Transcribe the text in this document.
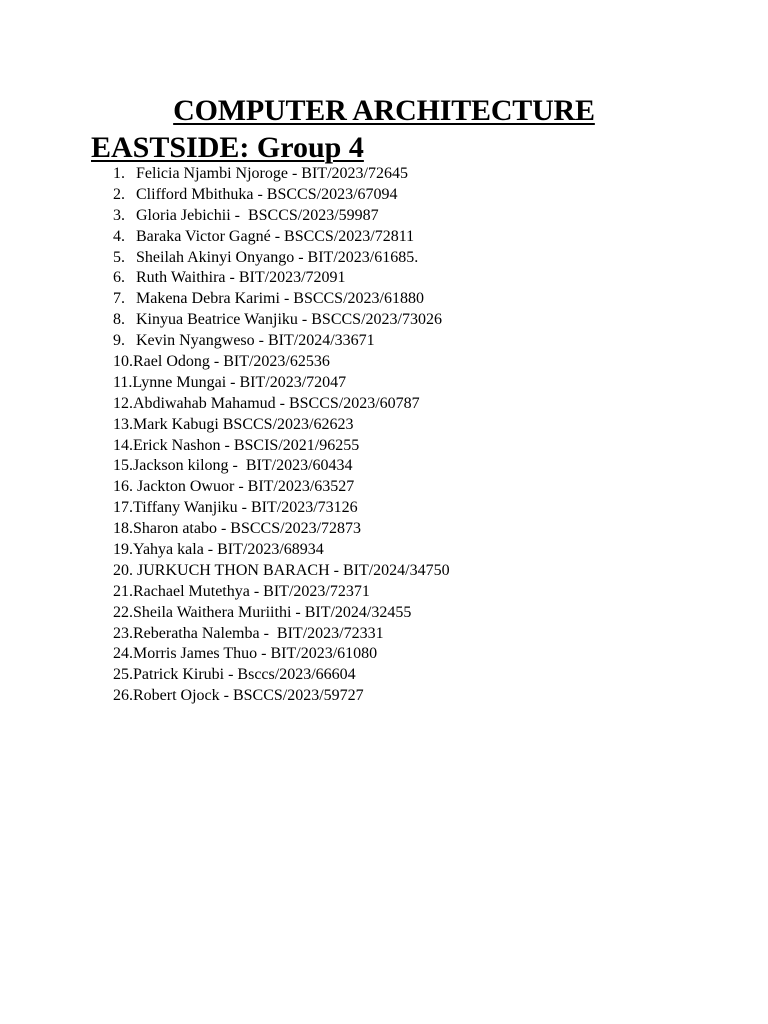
COMPUTER ARCHITECTURE
EASTSIDE: Group 4
1. Felicia Njambi Njoroge - BIT/2023/72645
2. Clifford Mbithuka - BSCCS/2023/67094
3. Gloria Jebichii -  BSCCS/2023/59987
4. Baraka Victor Gagné - BSCCS/2023/72811
5. Sheilah Akinyi Onyango - BIT/2023/61685.
6. Ruth Waithira - BIT/2023/72091
7. Makena Debra Karimi - BSCCS/2023/61880
8. Kinyua Beatrice Wanjiku - BSCCS/2023/73026
9. Kevin Nyangweso - BIT/2024/33671
10. Rael Odong - BIT/2023/62536
11. Lynne Mungai - BIT/2023/72047
12. Abdiwahab Mahamud - BSCCS/2023/60787
13. Mark Kabugi BSCCS/2023/62623
14. Erick Nashon - BSCIS/2021/96255
15. Jackson kilong -  BIT/2023/60434
16. Jackton Owuor - BIT/2023/63527
17. Tiffany Wanjiku - BIT/2023/73126
18. Sharon atabo - BSCCS/2023/72873
19. Yahya kala - BIT/2023/68934
20. JURKUCH THON BARACH - BIT/2024/34750
21. Rachael Mutethya - BIT/2023/72371
22. Sheila Waithera Muriithi - BIT/2024/32455
23. Reberatha Nalemba -  BIT/2023/72331
24. Morris James Thuo - BIT/2023/61080
25. Patrick Kirubi - Bsccs/2023/66604
26. Robert Ojock - BSCCS/2023/59727
